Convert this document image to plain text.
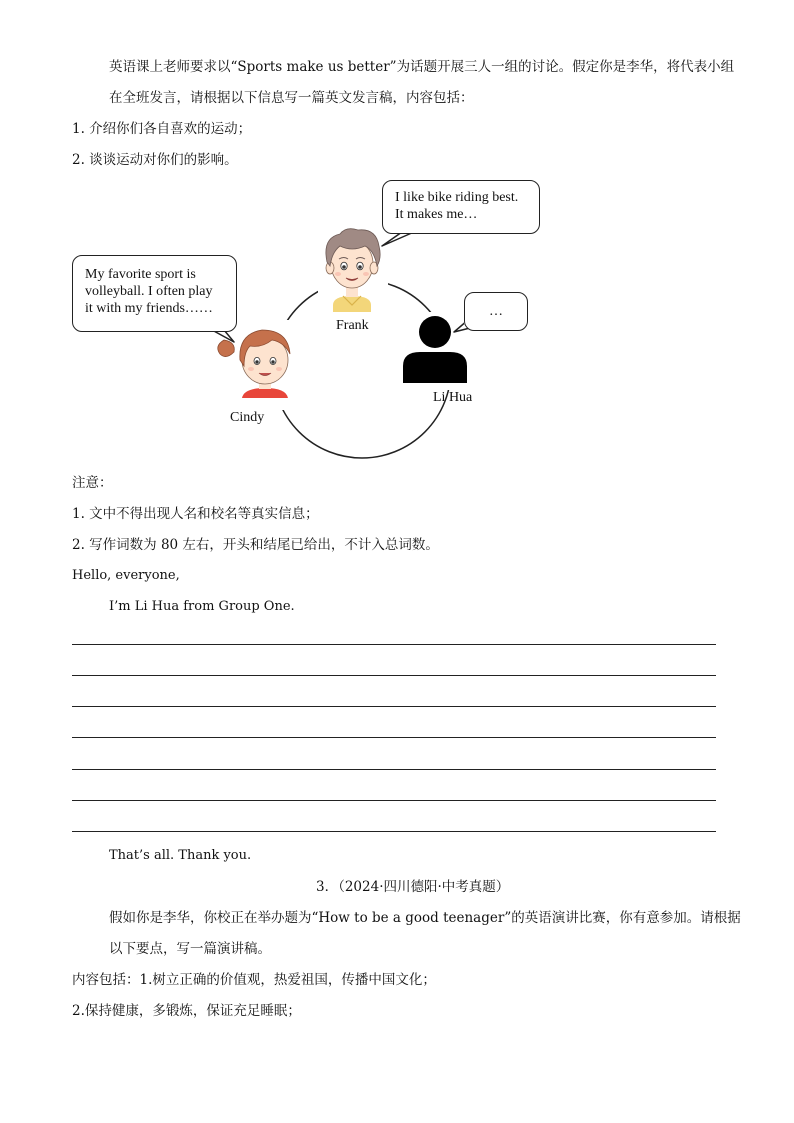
英语课上老师要求以“Sports make us better”为话题开展三人一组的讨论。假定你是李华，将代表小组
在全班发言，请根据以下信息写一篇英文发言稿，内容包括：
1. 介绍你们各自喜欢的运动；
2. 谈谈运动对你们的影响。
I like bike riding best.
It makes me…
My favorite sport is
volleyball. I often play
it with my friends……	…
Frank
Cindy
Li Hua
注意：
1. 文中不得出现人名和校名等真实信息；
2. 写作词数为 80 左右，开头和结尾已给出，不计入总词数。
Hello, everyone,
I’m Li Hua from Group One.
That’s all. Thank you.
3．（2024·四川德阳·中考真题）
假如你是李华，你校正在举办题为“How to be a good teenager”的英语演讲比赛，你有意参加。请根据
以下要点，写一篇演讲稿。
内容包括：1.树立正确的价值观，热爱祖国，传播中国文化；
2.保持健康，多锻炼，保证充足睡眠；
